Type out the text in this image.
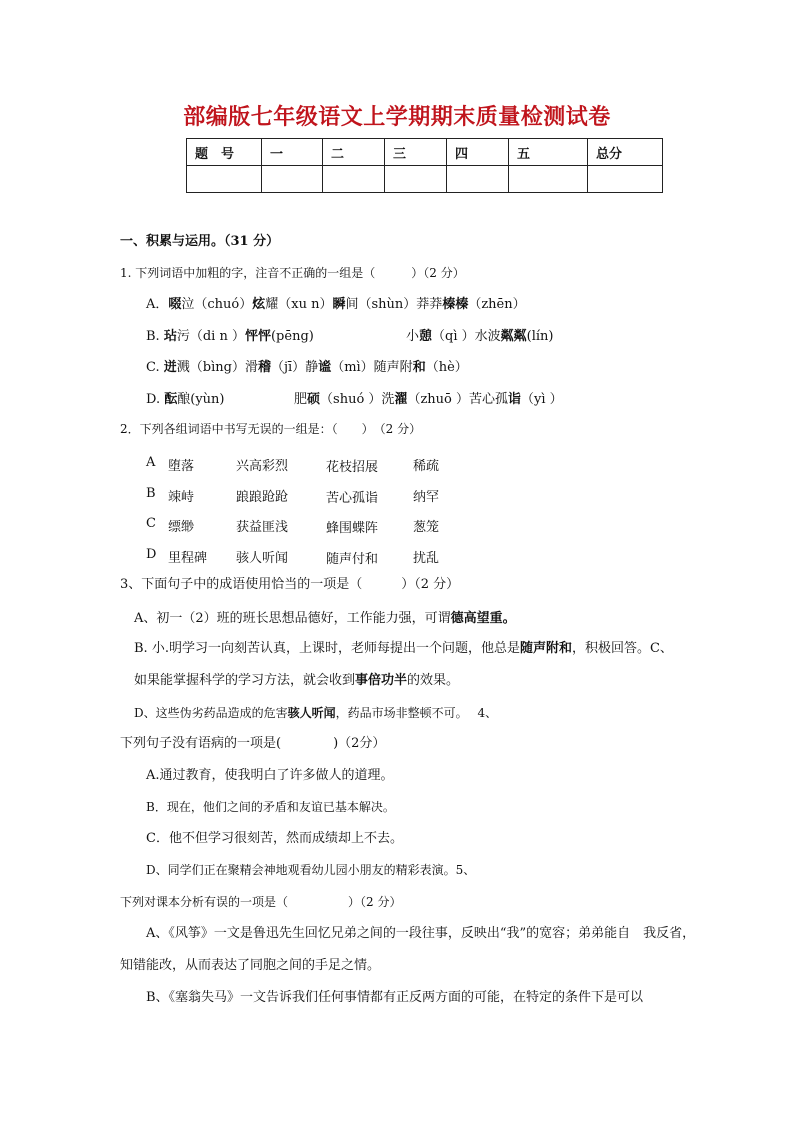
部编版七年级语文上学期期末质量检测试卷
题　号	一	二	三	四	五	总分

一、积累与运用。（31 分）
1. 下列词语中加粗的字，注音不正确的一组是（　　　）（2 分）
A．啜泣（chuó）炫耀（xu n）瞬间（shùn）莽莽榛榛（zhēn）
B. 玷污（di n ）怦怦(pēng)	小憩（qì ）水波粼粼(lín)
C. 迸溅（bìng）滑稽（jī）静谧（mì）随声附和（hè）
D. 酝酿(yùn)	肥硕（shuó ）洗濯（zhuō ）苦心孤诣（yì ）
2．下列各组词语中书写无误的一组是：（　　）　（2 分）
A 堕落	兴高彩烈	花枝招展	稀疏
B 竦峙	踉踉跄跄	苦心孤诣	纳罕
C 缥缈	获益匪浅	蜂围蝶阵	葱笼
D 里程碑 骇人听闻	随声付和	扰乱
3、下面句子中的成语使用恰当的一项是（　　　）（2 分）
A、初一（2）班的班长思想品德好，工作能力强，可谓德高望重。
B. 小.明学习一向刻苦认真，上课时，老师每提出一个问题，他总是随声附和，积极回答。C、
如果能掌握科学的学习方法，就会收到事倍功半的效果。
D、这些伪劣药品造成的危害骇人听闻，药品市场非整顿不可。　 4、
下列句子没有语病的一项是(　　　　)（2分）
A.通过教育，使我明白了许多做人的道理。
B．现在，他们之间的矛盾和友谊已基本解决。
C．他不但学习很刻苦，然而成绩却上不去。
D、同学们正在聚精会神地观看幼儿园小朋友的精彩表演。5、
下列对课本分析有误的一项是（　　　　　）（2 分）
A、《风筝》一文是鲁迅先生回忆兄弟之间的一段往事，反映出“我”的宽容；弟弟能自　我反省，
知错能改，从而表达了同胞之间的手足之情。
B、《塞翁失马》一文告诉我们任何事情都有正反两方面的可能，在特定的条件下是可以
